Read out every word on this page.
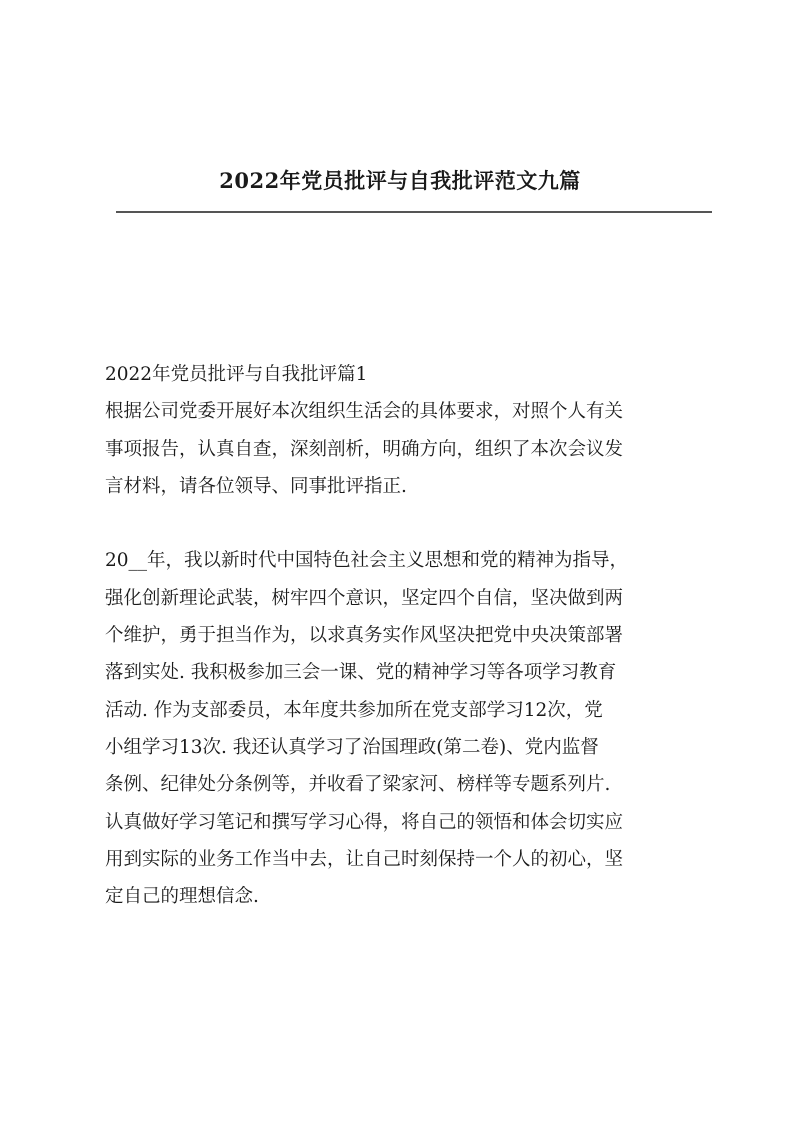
2022年党员批评与自我批评范文九篇
2022年党员批评与自我批评篇1
根据公司党委开展好本次组织生活会的具体要求，对照个人有关
事项报告，认真自查，深刻剖析，明确方向，组织了本次会议发
言材料，请各位领导、同事批评指正.
20__年，我以新时代中国特色社会主义思想和党的精神为指导，
强化创新理论武装，树牢四个意识，坚定四个自信，坚决做到两
个维护，勇于担当作为，以求真务实作风坚决把党中央决策部署
落到实处. 我积极参加三会一课、党的精神学习等各项学习教育
活动. 作为支部委员，本年度共参加所在党支部学习12次，党
小组学习13次. 我还认真学习了治国理政(第二卷)、党内监督
条例、纪律处分条例等，并收看了梁家河、榜样等专题系列片.
认真做好学习笔记和撰写学习心得，将自己的领悟和体会切实应
用到实际的业务工作当中去，让自己时刻保持一个人的初心，坚
定自己的理想信念.
